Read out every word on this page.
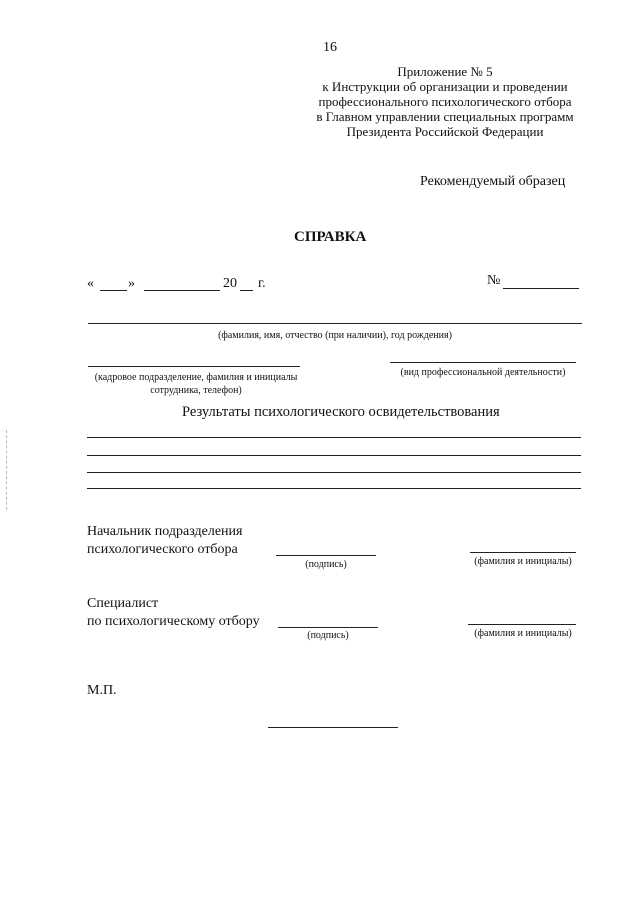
16
Приложение № 5
к Инструкции об организации и проведении
профессионального психологического отбора
в Главном управлении специальных программ
Президента Российской Федерации
Рекомендуемый образец
СПРАВКА
« »	20 г.	№
(фамилия, имя, отчество (при наличии), год рождения)
(кадровое подразделение, фамилия и инициалы
сотрудника, телефон)
(вид профессиональной деятельности)
Результаты психологического освидетельствования
Начальник подразделения
психологического отбора
(подпись)	(фамилия и инициалы)
Специалист
по психологическому отбору
(подпись)	(фамилия и инициалы)
М.П.
